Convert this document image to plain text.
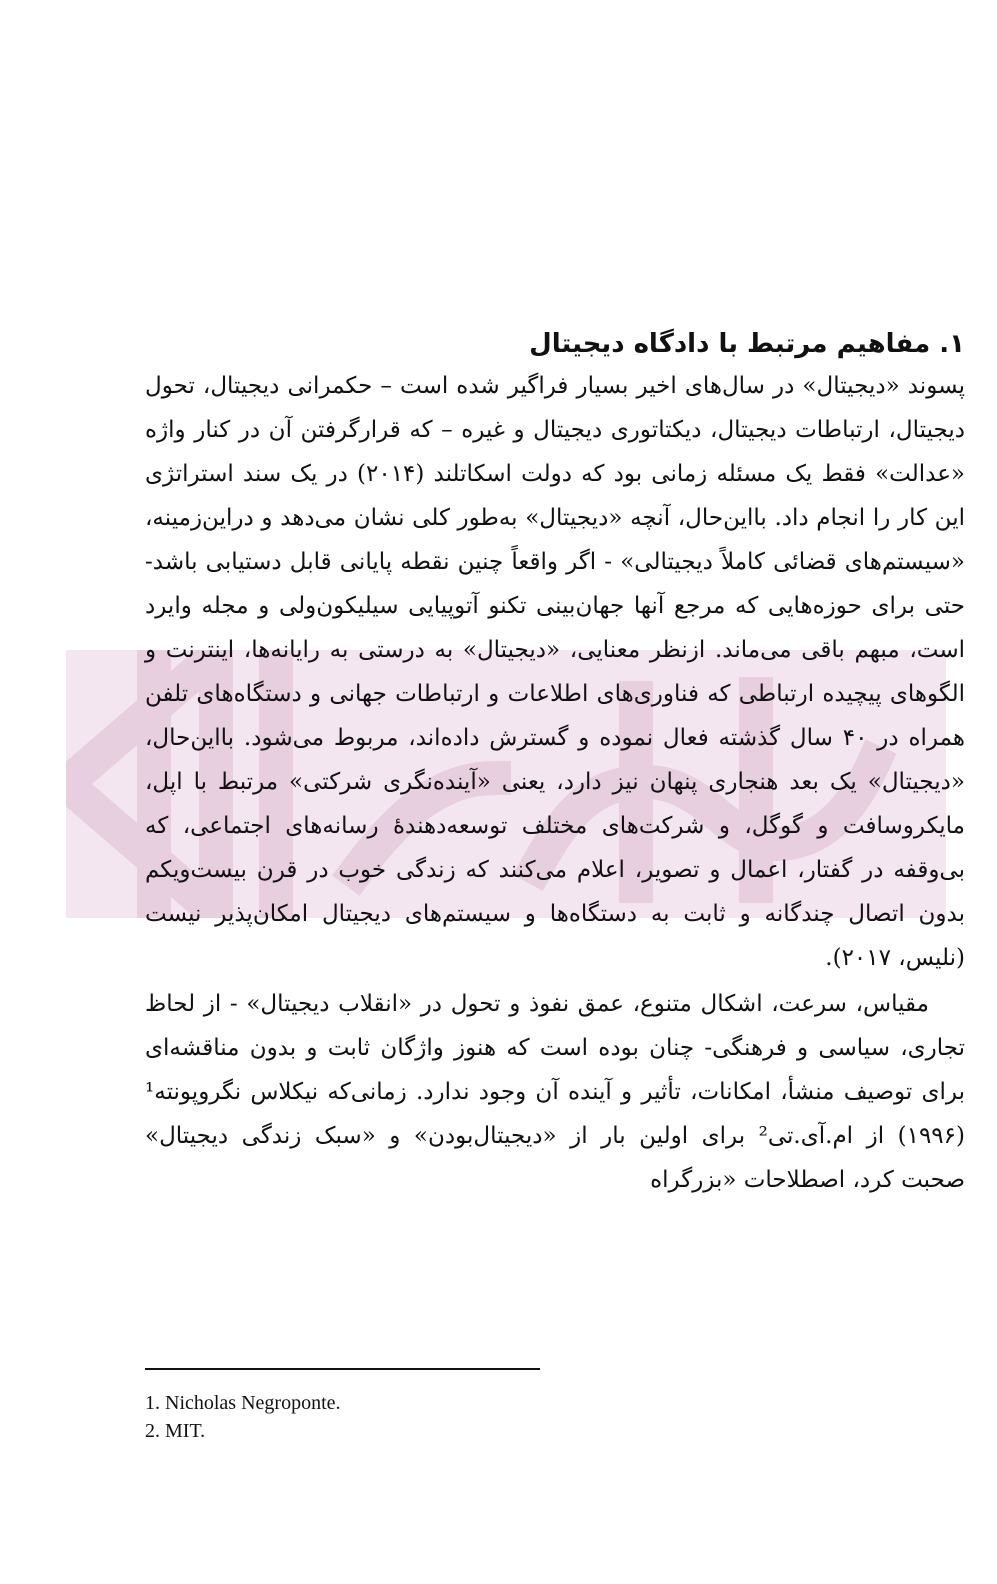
۱. مفاهیم مرتبط با دادگاه دیجیتال

پسوند «دیجیتال» در سال‌های اخیر بسیار فراگیر شده است – حکمرانی دیجیتال، تحول دیجیتال، ارتباطات دیجیتال، دیکتاتوری دیجیتال و غیره – که قرارگرفتن آن در کنار واژه «عدالت» فقط یک مسئله زمانی بود که دولت اسکاتلند (۲۰۱۴) در یک سند استراتژی این کار را انجام داد. بااین‌حال، آنچه «دیجیتال» به‌طور کلی نشان می‌دهد و دراین‌زمینه، «سیستم‌های قضائی کاملاً دیجیتالی» - اگر واقعاً چنین نقطه پایانی قابل دستیابی باشد- حتی برای حوزه‌هایی که مرجع آنها جهان‌بینی تکنو آتوپیایی سیلیکون‌ولی و مجله وایرد است، مبهم باقی می‌ماند. ازنظر معنایی، «دیجیتال» به درستی به رایانه‌ها، اینترنت و الگوهای پیچیده ارتباطی که فناوری‌های اطلاعات و ارتباطات جهانی و دستگاه‌های تلفن همراه در ۴۰ سال گذشته فعال نموده و گسترش داده‌اند، مربوط می‌شود. بااین‌حال، «دیجیتال» یک بعد هنجاری پنهان نیز دارد، یعنی «آینده‌نگری شرکتی» مرتبط با اپل، مایکروسافت و گوگل، و شرکت‌های مختلف توسعه‌دهندهٔ رسانه‌های اجتماعی، که بی‌وقفه در گفتار، اعمال و تصویر، اعلام می‌کنند که زندگی خوب در قرن بیست‌ویکم بدون اتصال چندگانه و ثابت به دستگاه‌ها و سیستم‌های دیجیتال امکان‌پذیر نیست (نلیس، ۲۰۱۷).

مقیاس، سرعت، اشکال متنوع، عمق نفوذ و تحول در «انقلاب دیجیتال» - از لحاظ تجاری، سیاسی و فرهنگی- چنان بوده است که هنوز واژگان ثابت و بدون مناقشه‌ای برای توصیف منشأ، امکانات، تأثیر و آینده آن وجود ندارد. زمانی‌که نیکلاس نگروپونته¹ (۱۹۹۶) از ام.آی.تی² برای اولین بار از «دیجیتال‌بودن» و «سبک زندگی دیجیتال» صحبت کرد، اصطلاحات «بزرگراه

1. Nicholas Negroponte.

2. MIT.
